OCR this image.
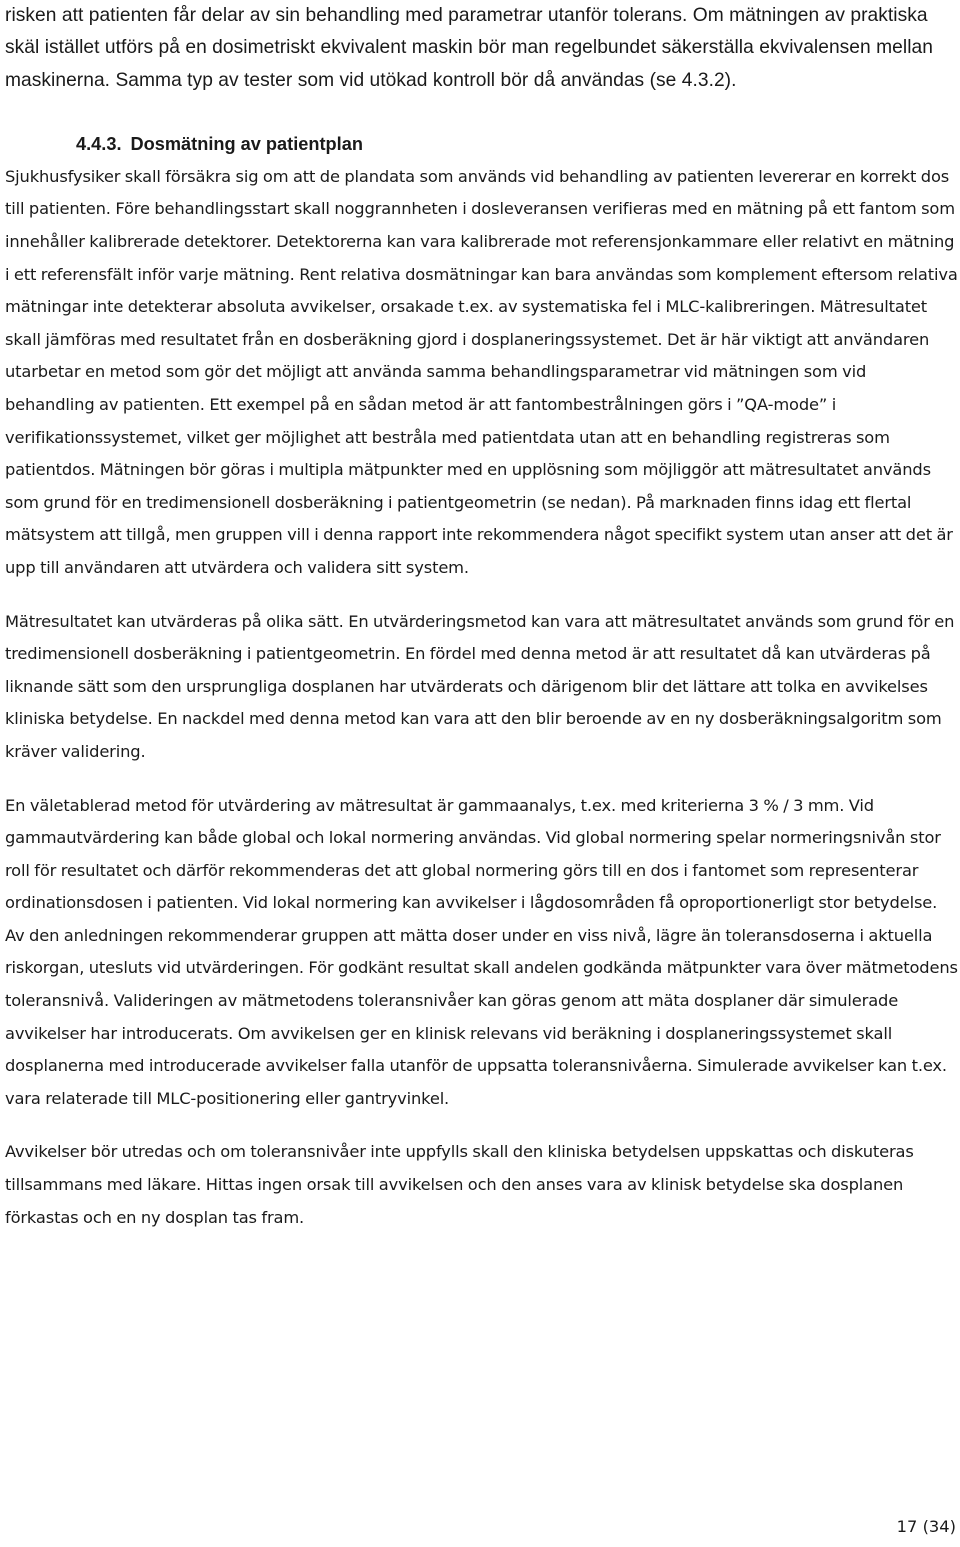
risken att patienten får delar av sin behandling med parametrar utanför tolerans. Om mätningen av praktiska skäl istället utförs på en dosimetriskt ekvivalent maskin bör man regelbundet säkerställa ekvivalensen mellan maskinerna. Samma typ av tester som vid utökad kontroll bör då användas (se 4.3.2).

4.4.3. Dosmätning av patientplan

Sjukhusfysiker skall försäkra sig om att de plandata som används vid behandling av patienten levererar en korrekt dos till patienten. Före behandlingsstart skall noggrannheten i dosleveransen verifieras med en mätning på ett fantom som innehåller kalibrerade detektorer. Detektorerna kan vara kalibrerade mot referensjonkammare eller relativt en mätning i ett referensfält inför varje mätning. Rent relativa dosmätningar kan bara användas som komplement eftersom relativa mätningar inte detekterar absoluta avvikelser, orsakade t.ex. av systematiska fel i MLC-kalibreringen. Mätresultatet skall jämföras med resultatet från en dosberäkning gjord i dosplaneringssystemet. Det är här viktigt att användaren utarbetar en metod som gör det möjligt att använda samma behandlingsparametrar vid mätningen som vid behandling av patienten. Ett exempel på en sådan metod är att fantombestrålningen görs i ”QA-mode” i verifikationssystemet, vilket ger möjlighet att bestråla med patientdata utan att en behandling registreras som patientdos. Mätningen bör göras i multipla mätpunkter med en upplösning som möjliggör att mätresultatet används som grund för en tredimensionell dosberäkning i patientgeometrin (se nedan). På marknaden finns idag ett flertal mätsystem att tillgå, men gruppen vill i denna rapport inte rekommendera något specifikt system utan anser att det är upp till användaren att utvärdera och validera sitt system.

Mätresultatet kan utvärderas på olika sätt. En utvärderingsmetod kan vara att mätresultatet används som grund för en tredimensionell dosberäkning i patientgeometrin. En fördel med denna metod är att resultatet då kan utvärderas på liknande sätt som den ursprungliga dosplanen har utvärderats och därigenom blir det lättare att tolka en avvikelses kliniska betydelse. En nackdel med denna metod kan vara att den blir beroende av en ny dosberäkningsalgoritm som kräver validering.

En väletablerad metod för utvärdering av mätresultat är gammaanalys, t.ex. med kriterierna 3 % / 3 mm. Vid gammautvärdering kan både global och lokal normering användas. Vid global normering spelar normeringsnivån stor roll för resultatet och därför rekommenderas det att global normering görs till en dos i fantomet som representerar ordinationsdosen i patienten. Vid lokal normering kan avvikelser i lågdosområden få oproportionerligt stor betydelse. Av den anledningen rekommenderar gruppen att mätta doser under en viss nivå, lägre än toleransdoserna i aktuella riskorgan, utesluts vid utvärderingen. För godkänt resultat skall andelen godkända mätpunkter vara över mätmetodens toleransnivå. Valideringen av mätmetodens toleransnivåer kan göras genom att mäta dosplaner där simulerade avvikelser har introducerats. Om avvikelsen ger en klinisk relevans vid beräkning i dosplaneringssystemet skall dosplanerna med introducerade avvikelser falla utanför de uppsatta toleransnivåerna. Simulerade avvikelser kan t.ex. vara relaterade till MLC-positionering eller gantryvinkel.

Avvikelser bör utredas och om toleransnivåer inte uppfylls skall den kliniska betydelsen uppskattas och diskuteras tillsammans med läkare. Hittas ingen orsak till avvikelsen och den anses vara av klinisk betydelse ska dosplanen förkastas och en ny dosplan tas fram.

17 (34)
